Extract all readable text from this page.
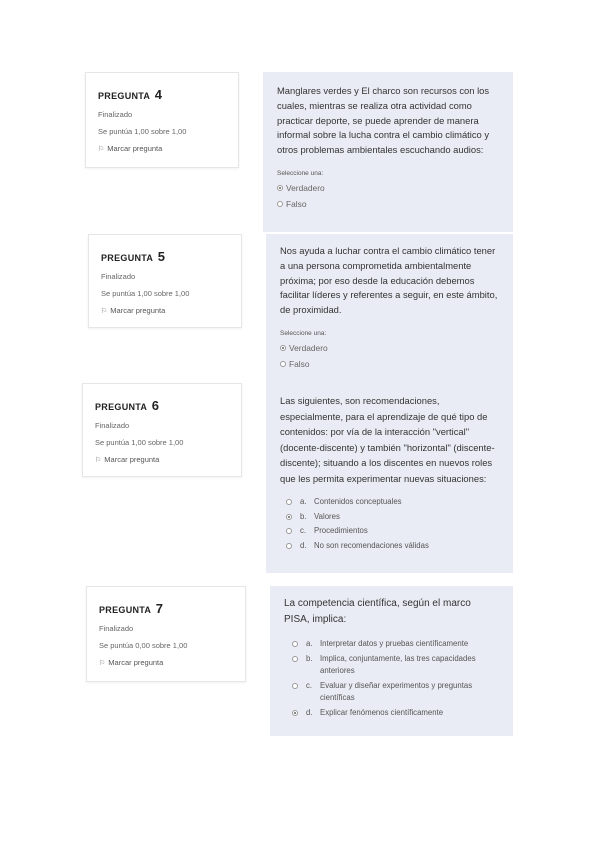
PREGUNTA 4
Finalizado
Se puntúa 1,00 sobre 1,00
⚐ Marcar pregunta
Manglares verdes y El charco son recursos con los cuales, mientras se realiza otra actividad como practicar deporte, se puede aprender de manera informal sobre la lucha contra el cambio climático y otros problemas ambientales escuchando audios:
Seleccione una:
Verdadero
Falso
PREGUNTA 5
Finalizado
Se puntúa 1,00 sobre 1,00
⚐ Marcar pregunta
Nos ayuda a luchar contra el cambio climático tener a una persona comprometida ambientalmente próxima; por eso desde la educación debemos facilitar líderes y referentes a seguir, en este ámbito, de proximidad.
Seleccione una:
Verdadero
Falso
PREGUNTA 6
Finalizado
Se puntúa 1,00 sobre 1,00
⚐ Marcar pregunta
Las siguientes, son recomendaciones, especialmente, para el aprendizaje de qué tipo de contenidos: por vía de la interacción "vertical" (docente-discente) y también "horizontal" (discente-discente); situando a los discentes en nuevos roles que les permita experimentar nuevas situaciones:
a. Contenidos conceptuales
b. Valores
c.	Procedimientos
d. No son recomendaciones válidas
PREGUNTA 7
Finalizado
Se puntúa 0,00 sobre 1,00
⚐ Marcar pregunta
La competencia científica, según el marco PISA, implica:
a. Interpretar datos y pruebas científicamente
b. Implica, conjuntamente, las tres capacidades anteriores
c.	Evaluar y diseñar experimentos y preguntas científicas
d. Explicar fenómenos científicamente
